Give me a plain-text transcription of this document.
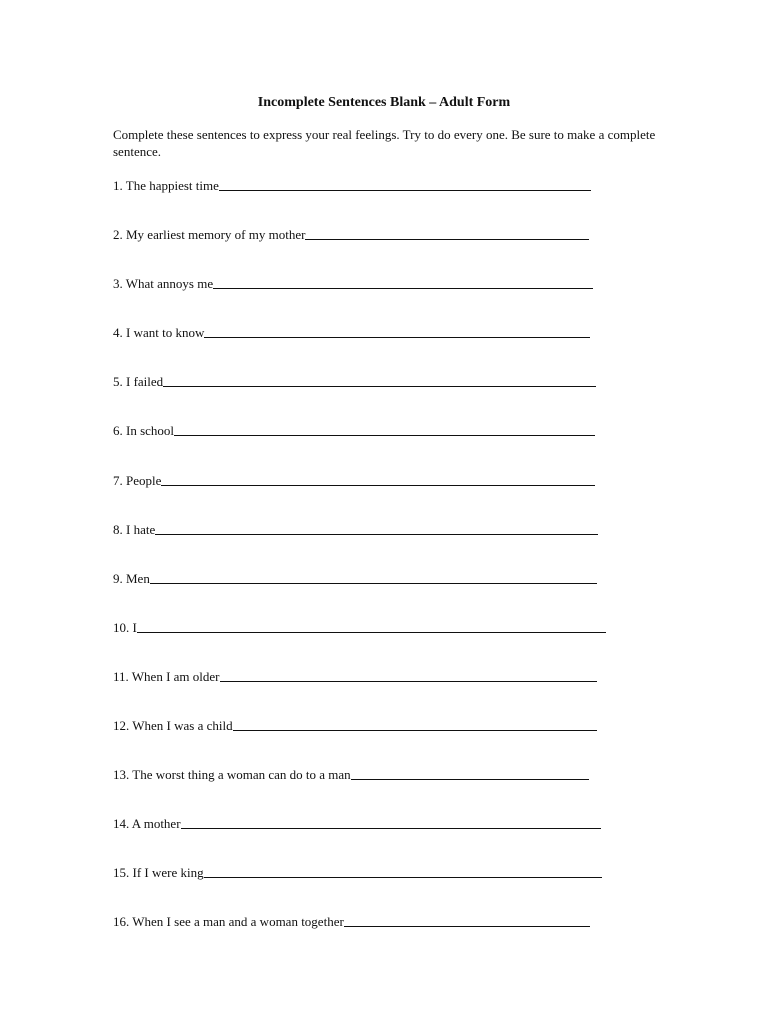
Incomplete Sentences Blank – Adult Form
Complete these sentences to express your real feelings. Try to do every one. Be sure to make a complete sentence.
1. The happiest time
2. My earliest memory of my mother
3. What annoys me
4. I want to know
5. I failed
6. In school
7. People
8. I hate
9. Men
10. I
11. When I am older
12. When I was a child
13. The worst thing a woman can do to a man
14. A mother
15. If I were king
16. When I see a man and a woman together
